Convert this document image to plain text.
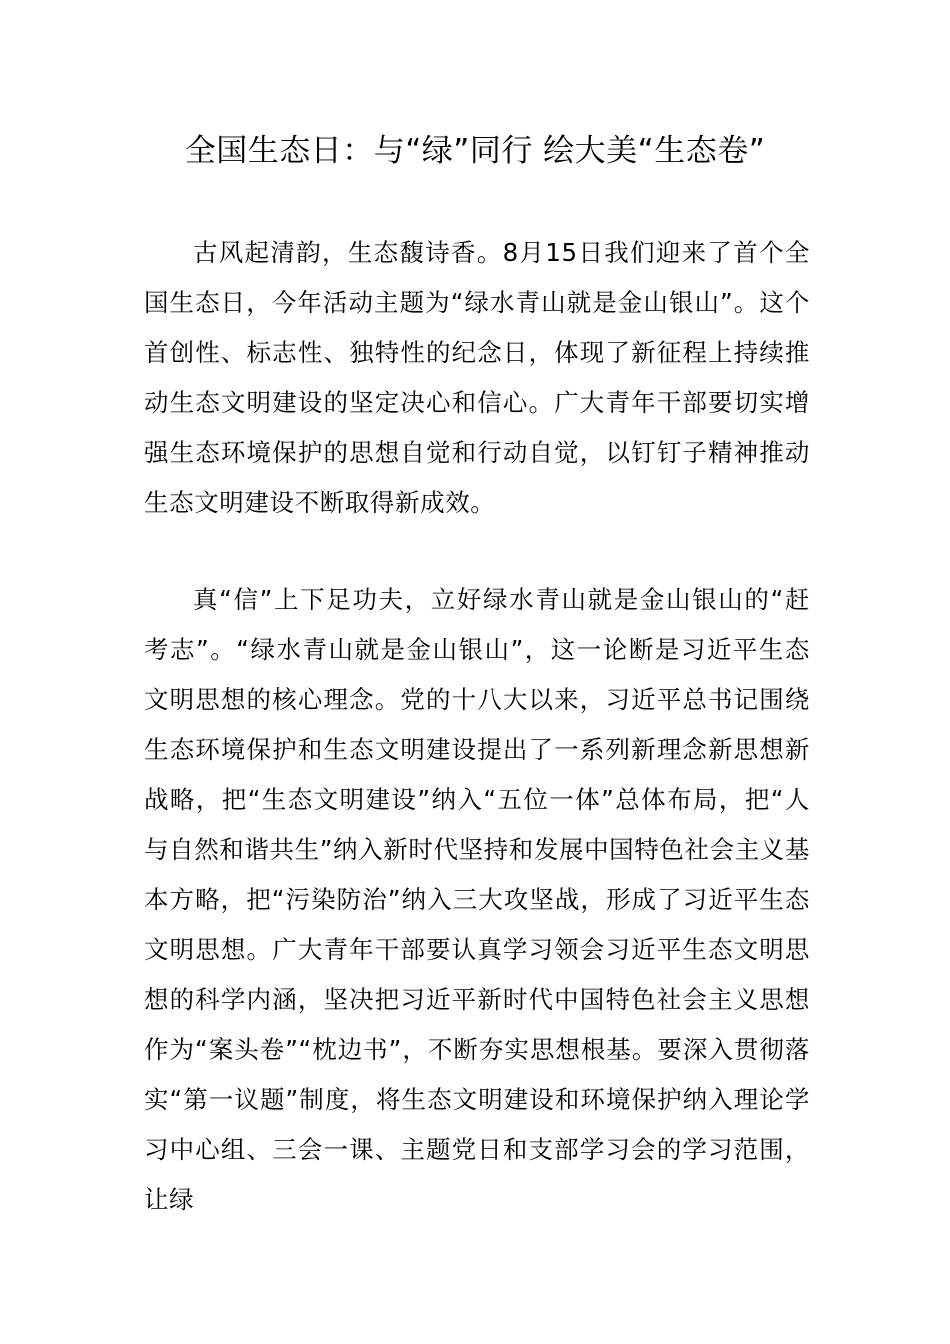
全国生态日：与“绿”同行 绘大美“生态卷”

古风起清韵，生态馥诗香。8月15日我们迎来了首个全国生态日，今年活动主题为“绿水青山就是金山银山”。这个首创性、标志性、独特性的纪念日，体现了新征程上持续推动生态文明建设的坚定决心和信心。广大青年干部要切实增强生态环境保护的思想自觉和行动自觉，以钉钉子精神推动生态文明建设不断取得新成效。

真“信”上下足功夫，立好绿水青山就是金山银山的“赶考志”。“绿水青山就是金山银山”，这一论断是习近平生态文明思想的核心理念。党的十八大以来，习近平总书记围绕生态环境保护和生态文明建设提出了一系列新理念新思想新战略，把“生态文明建设”纳入“五位一体”总体布局，把“人与自然和谐共生”纳入新时代坚持和发展中国特色社会主义基本方略，把“污染防治”纳入三大攻坚战，形成了习近平生态文明思想。广大青年干部要认真学习领会习近平生态文明思想的科学内涵，坚决把习近平新时代中国特色社会主义思想作为“案头卷”“枕边书”，不断夯实思想根基。要深入贯彻落实“第一议题”制度，将生态文明建设和环境保护纳入理论学习中心组、三会一课、主题党日和支部学习会的学习范围，让绿
